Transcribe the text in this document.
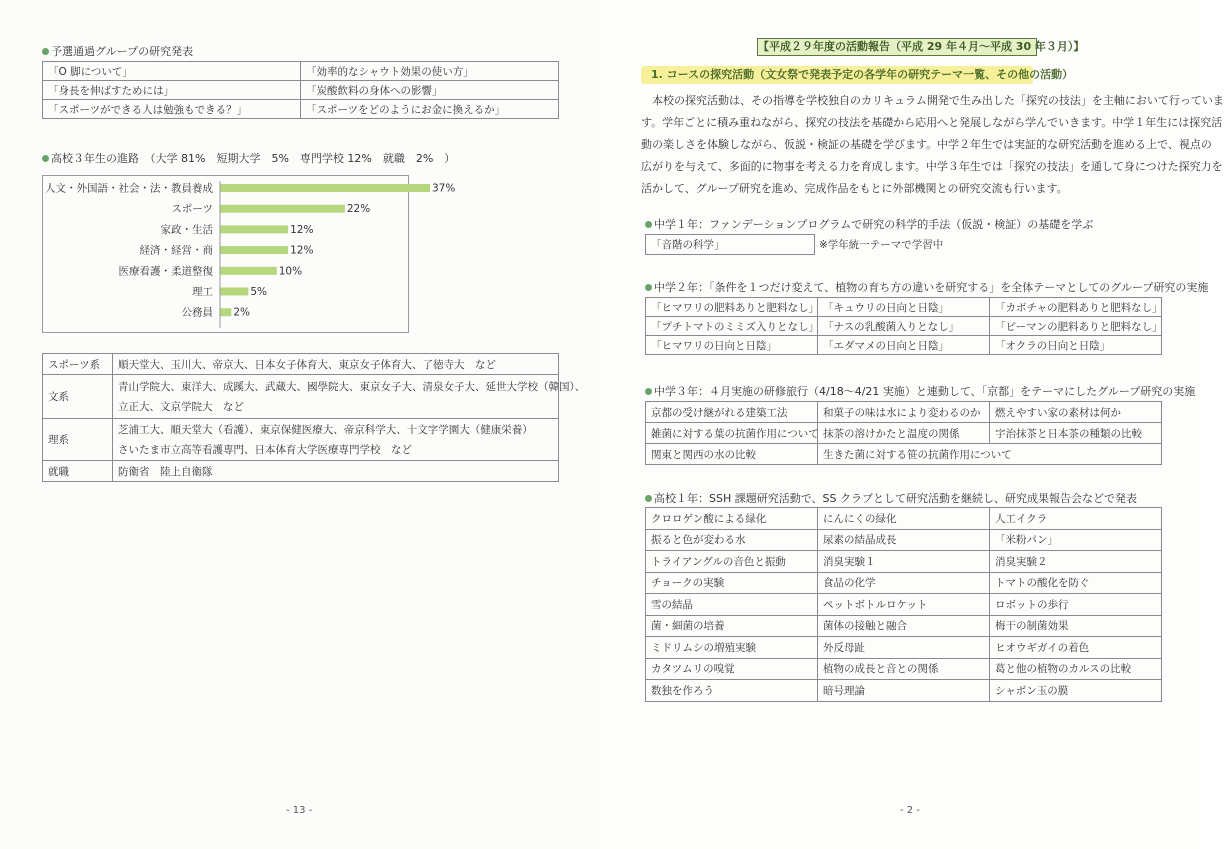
予選通過グループの研究発表
「O 脚について」	「効率的なシャウト効果の使い方」
「身長を伸ばすためには」	「炭酸飲料の身体への影響」
「スポーツができる人は勉強もできる？」	「スポーツをどのようにお金に換えるか」
高校３年生の進路　（大学 81%　短期大学　5%　専門学校 12%　就職　2%　）
人文・外国語・社会・法・教員養成	37%
スポーツ	22%
家政・生活	12%
経済・経営・商	12%
医療看護・柔道整復	10%
理工	5%
公務員 2%
スポーツ系	順天堂大、玉川大、帝京大、日本女子体育大、東京女子体育大、了徳寺大　など
文系	青山学院大、東洋大、成蹊大、武蔵大、國學院大、東京女子大、清泉女子大、延世大学校（韓国）、
立正大、文京学院大　など

理系	芝浦工大、順天堂大（看護）、東京保健医療大、帝京科学大、十文字学園大（健康栄養）
さいたま市立高等看護専門、日本体育大学医療専門学校　など

就職	防衛省　陸上自衛隊
- 13 -
【平成２９年度の活動報告（平成 29 年４月〜平成 30 年３月）】
1. コースの探究活動（文女祭で発表予定の各学年の研究テーマ一覧、その他の活動）
　本校の探究活動は、その指導を学校独自のカリキュラム開発で生み出した「探究の技法」を主軸において行っていま
す。学年ごとに積み重ねながら、探究の技法を基礎から応用へと発展しながら学んでいきます。中学１年生には探究活
動の楽しさを体験しながら、仮説・検証の基礎を学びます。中学２年生では実証的な研究活動を進める上で、視点の
広がりを与えて、多面的に物事を考える力を育成します。中学３年生では「探究の技法」を通して身につけた探究力を
活かして、グループ研究を進め、完成作品をもとに外部機関との研究交流も行います。
中学１年：ファンデーションプログラムで研究の科学的手法（仮説・検証）の基礎を学ぶ
「音階の科学」	※学年統一テーマで学習中
中学２年：「条件を１つだけ変えて、植物の育ち方の違いを研究する」を全体テーマとしてのグループ研究の実施
「ヒマワリの肥料ありと肥料なし」	「キュウリの日向と日陰」	「カボチャの肥料ありと肥料なし」
「プチトマトのミミズ入りとなし」	「ナスの乳酸菌入りとなし」	「ピーマンの肥料ありと肥料なし」
「ヒマワリの日向と日陰」	「エダマメの日向と日陰」	「オクラの日向と日陰」
中学３年：４月実施の研修旅行（4/18〜4/21 実施）と連動して、「京都」をテーマにしたグループ研究の実施
京都の受け継がれる建築工法	和菓子の味は水により変わるのか	燃えやすい家の素材は何か
雑菌に対する葉の抗菌作用について	抹茶の溶けかたと温度の関係	宇治抹茶と日本茶の種類の比較
関東と関西の水の比較	生きた菌に対する笹の抗菌作用について	
高校１年：SSH 課題研究活動で、SS クラブとして研究活動を継続し、研究成果報告会などで発表
クロロゲン酸による緑化	にんにくの緑化	人工イクラ
振ると色が変わる水	尿素の結晶成長	「米粉パン」
トライアングルの音色と振動	消臭実験１	消臭実験２
チョークの実験	食品の化学	トマトの酸化を防ぐ
雪の結晶	ペットボトルロケット	ロボットの歩行
菌・細菌の培養	菌体の接触と融合	梅干の制菌効果
ミドリムシの増殖実験	外反母趾	ヒオウギガイの着色
カタツムリの嗅覚	植物の成長と音との関係	葛と他の植物のカルスの比較
数独を作ろう	暗号理論	シャボン玉の膜
- 2 -
